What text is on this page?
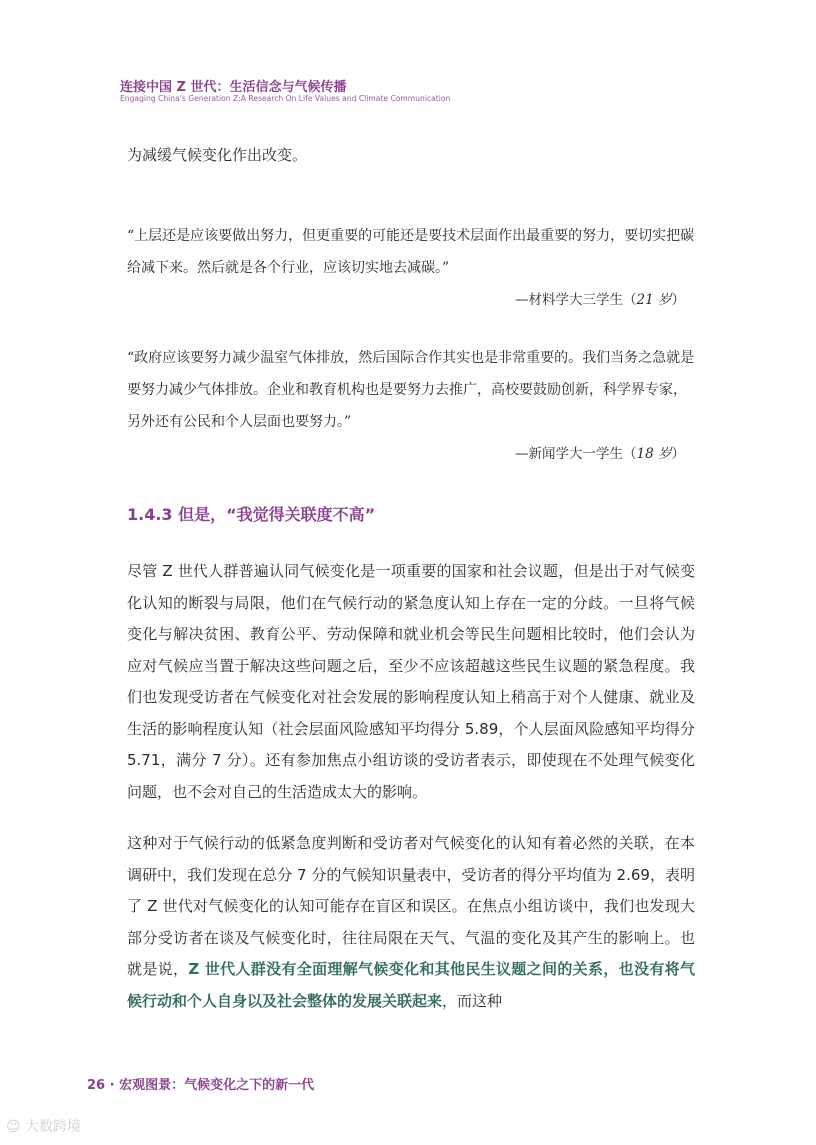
连接中国 Z 世代：生活信念与气候传播
Engaging China's Generation Z:A Research On Life Values and Climate Communication

为减缓气候变化作出改变。

“上层还是应该要做出努力，但更重要的可能还是要技术层面作出最重要的努力，要切实把碳给减下来。然后就是各个行业，应该切实地去减碳。”

—材料学大三学生（21 岁）

“政府应该要努力减少温室气体排放，然后国际合作其实也是非常重要的。我们当务之急就是要努力减少气体排放。企业和教育机构也是要努力去推广，高校要鼓励创新，科学界专家，另外还有公民和个人层面也要努力。”

—新闻学大一学生（18 岁）
1.4.3 但是，“我觉得关联度不高”

尽管 Z 世代人群普遍认同气候变化是一项重要的国家和社会议题，但是出于对气候变化认知的断裂与局限，他们在气候行动的紧急度认知上存在一定的分歧。一旦将气候变化与解决贫困、教育公平、劳动保障和就业机会等民生问题相比较时，他们会认为应对气候应当置于解决这些问题之后，至少不应该超越这些民生议题的紧急程度。我们也发现受访者在气候变化对社会发展的影响程度认知上稍高于对个人健康、就业及生活的影响程度认知（社会层面风险感知平均得分 5.89，个人层面风险感知平均得分 5.71，满分 7 分）。还有参加焦点小组访谈的受访者表示，即使现在不处理气候变化问题，也不会对自己的生活造成太大的影响。

这种对于气候行动的低紧急度判断和受访者对气候变化的认知有着必然的关联，在本调研中，我们发现在总分 7 分的气候知识量表中，受访者的得分平均值为 2.69，表明了 Z 世代对气候变化的认知可能存在盲区和误区。在焦点小组访谈中，我们也发现大部分受访者在谈及气候变化时，往往局限在天气、气温的变化及其产生的影响上。也就是说，Z 世代人群没有全面理解气候变化和其他民生议题之间的关系，也没有将气候行动和个人自身以及社会整体的发展关联起来，而这种

26 · 宏观图景：气候变化之下的新一代
☺ 大数跨境
